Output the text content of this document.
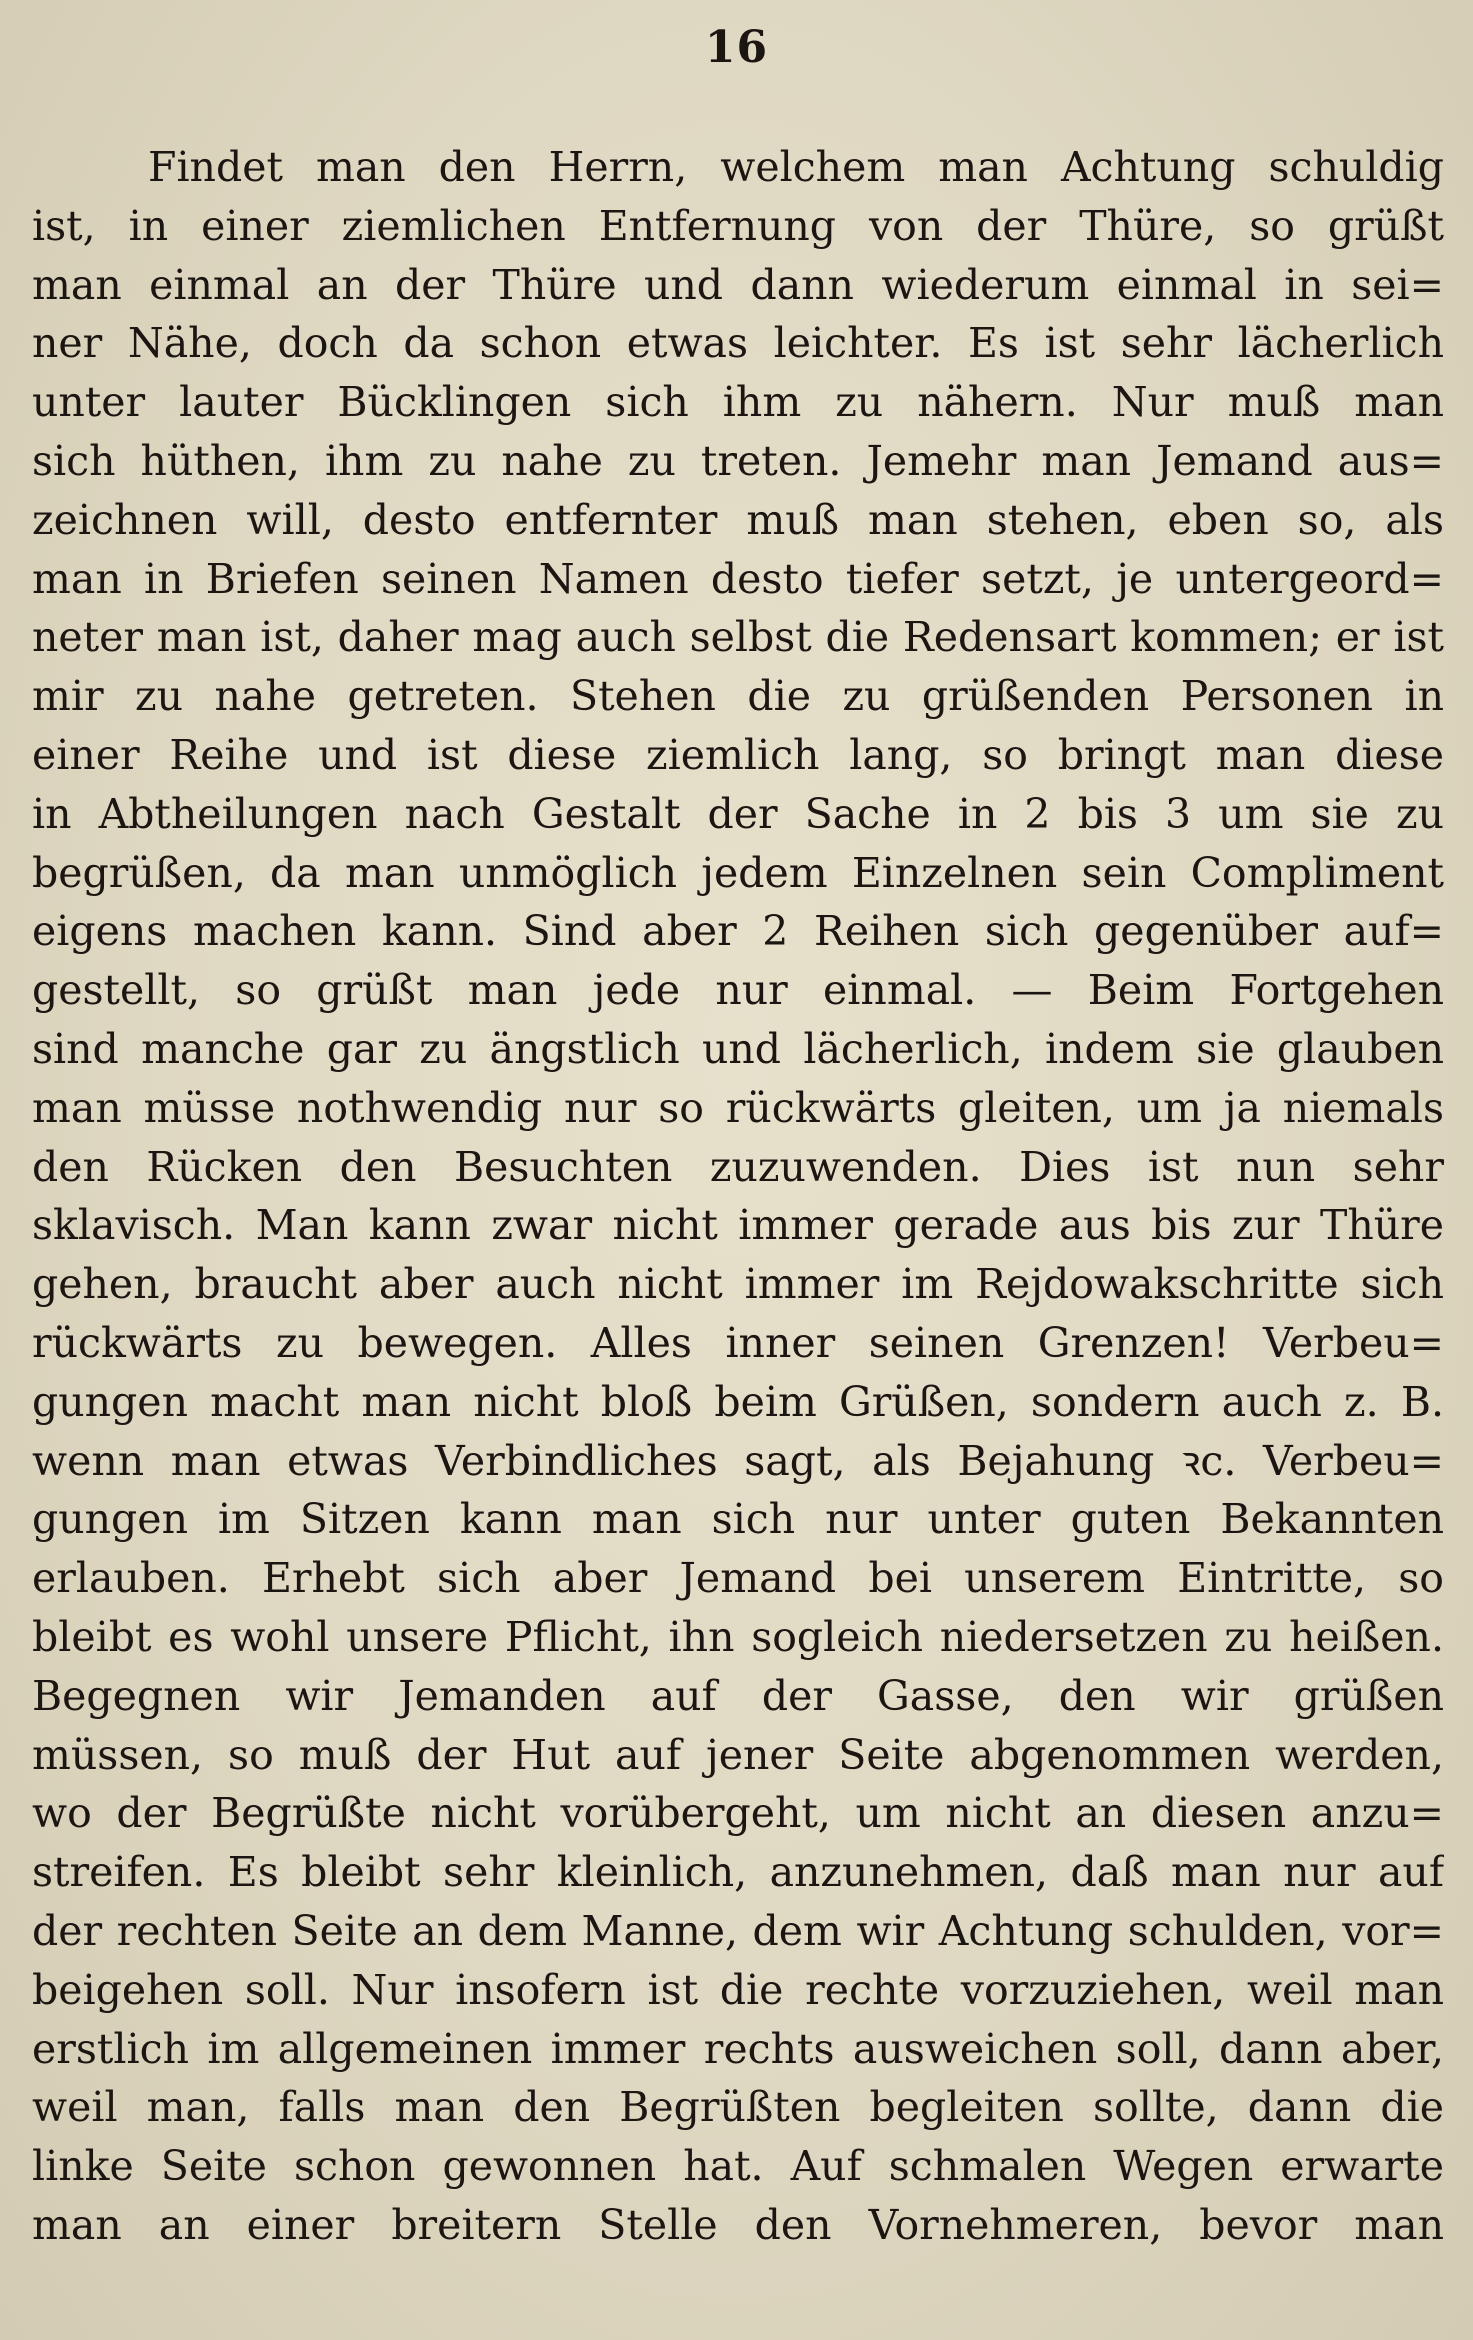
16
Findet man den Herrn, welchem man Achtung schuldig
ist, in einer ziemlichen Entfernung von der Thüre, so grüßt
man einmal an der Thüre und dann wiederum einmal in sei=
ner Nähe, doch da schon etwas leichter. Es ist sehr lächerlich
unter lauter Bücklingen sich ihm zu nähern. Nur muß man
sich hüthen, ihm zu nahe zu treten. Jemehr man Jemand aus=
zeichnen will, desto entfernter muß man stehen, eben so, als
man in Briefen seinen Namen desto tiefer setzt, je untergeord=
neter man ist, daher mag auch selbst die Redensart kommen; er ist
mir zu nahe getreten. Stehen die zu grüßenden Personen in
einer Reihe und ist diese ziemlich lang, so bringt man diese
in Abtheilungen nach Gestalt der Sache in 2 bis 3 um sie zu
begrüßen, da man unmöglich jedem Einzelnen sein Compliment
eigens machen kann. Sind aber 2 Reihen sich gegenüber auf=
gestellt, so grüßt man jede nur einmal. — Beim Fortgehen
sind manche gar zu ängstlich und lächerlich, indem sie glauben
man müsse nothwendig nur so rückwärts gleiten, um ja niemals
den Rücken den Besuchten zuzuwenden. Dies ist nun sehr
sklavisch. Man kann zwar nicht immer gerade aus bis zur Thüre
gehen, braucht aber auch nicht immer im Rejdowakschritte sich
rückwärts zu bewegen. Alles inner seinen Grenzen! Verbeu=
gungen macht man nicht bloß beim Grüßen, sondern auch z. B.
wenn man etwas Verbindliches sagt, als Bejahung ꝛc. Verbeu=
gungen im Sitzen kann man sich nur unter guten Bekannten
erlauben. Erhebt sich aber Jemand bei unserem Eintritte, so
bleibt es wohl unsere Pflicht, ihn sogleich niedersetzen zu heißen.
Begegnen wir Jemanden auf der Gasse, den wir grüßen
müssen, so muß der Hut auf jener Seite abgenommen werden,
wo der Begrüßte nicht vorübergeht, um nicht an diesen anzu=
streifen. Es bleibt sehr kleinlich, anzunehmen, daß man nur auf
der rechten Seite an dem Manne, dem wir Achtung schulden, vor=
beigehen soll. Nur insofern ist die rechte vorzuziehen, weil man
erstlich im allgemeinen immer rechts ausweichen soll, dann aber,
weil man, falls man den Begrüßten begleiten sollte, dann die
linke Seite schon gewonnen hat. Auf schmalen Wegen erwarte
man an einer breitern Stelle den Vornehmeren, bevor man
